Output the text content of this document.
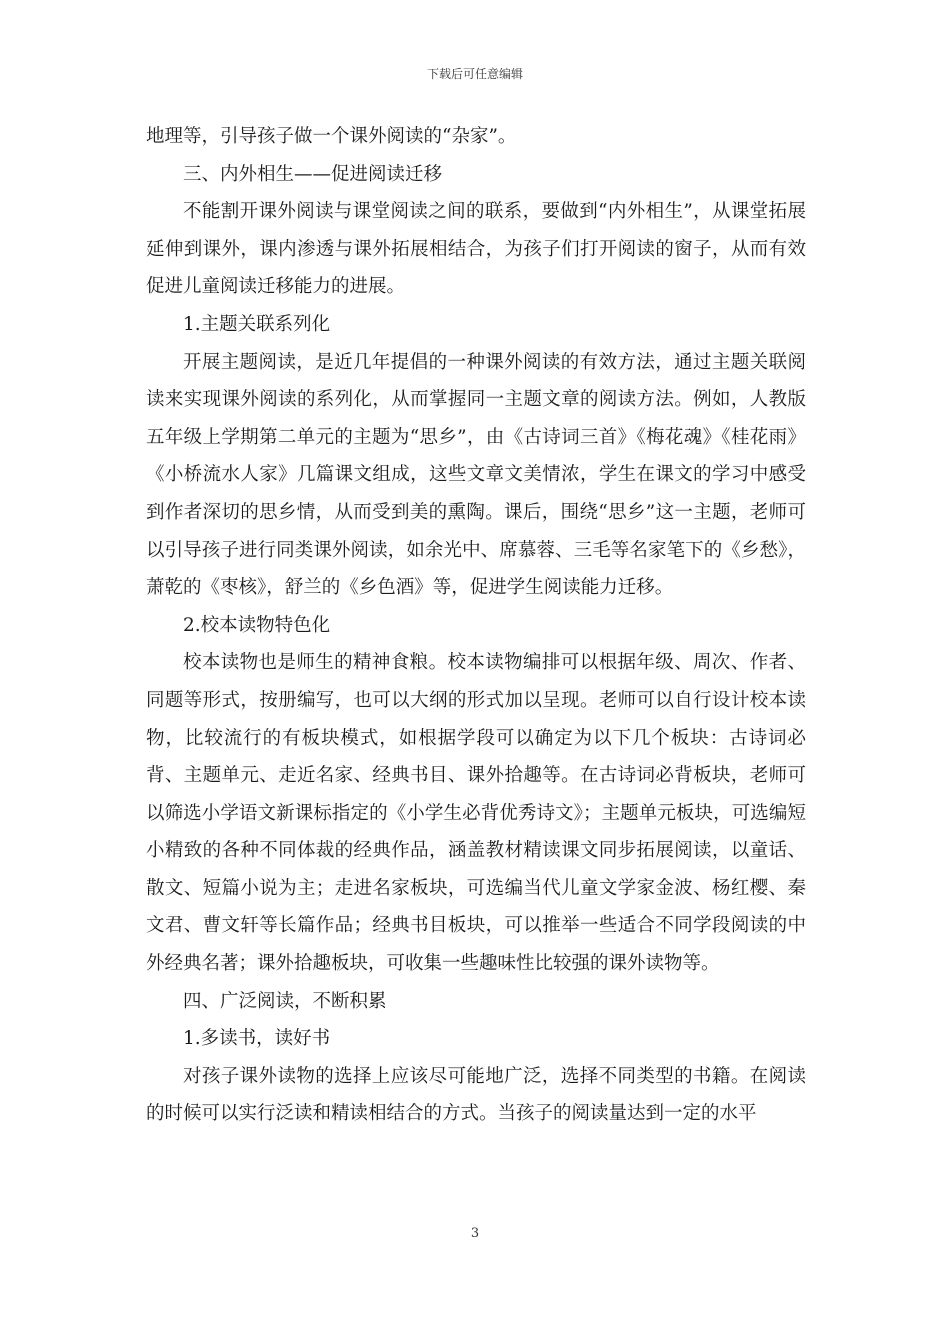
下载后可任意编辑

地理等，引导孩子做一个课外阅读的“杂家”。

三、内外相生——促进阅读迁移

不能割开课外阅读与课堂阅读之间的联系，要做到“内外相生”，从课堂拓展延伸到课外，课内渗透与课外拓展相结合，为孩子们打开阅读的窗子，从而有效促进儿童阅读迁移能力的进展。

1.主题关联系列化

开展主题阅读，是近几年提倡的一种课外阅读的有效方法，通过主题关联阅读来实现课外阅读的系列化，从而掌握同一主题文章的阅读方法。例如，人教版五年级上学期第二单元的主题为“思乡”，由《古诗词三首》《梅花魂》《桂花雨》《小桥流水人家》几篇课文组成，这些文章文美情浓，学生在课文的学习中感受到作者深切的思乡情，从而受到美的熏陶。课后，围绕“思乡”这一主题，老师可以引导孩子进行同类课外阅读，如余光中、席慕蓉、三毛等名家笔下的《乡愁》，萧乾的《枣核》，舒兰的《乡色酒》等，促进学生阅读能力迁移。

2.校本读物特色化

校本读物也是师生的精神食粮。校本读物编排可以根据年级、周次、作者、同题等形式，按册编写，也可以大纲的形式加以呈现。老师可以自行设计校本读物，比较流行的有板块模式，如根据学段可以确定为以下几个板块：古诗词必背、主题单元、走近名家、经典书目、课外拾趣等。在古诗词必背板块，老师可以筛选小学语文新课标指定的《小学生必背优秀诗文》；主题单元板块，可选编短小精致的各种不同体裁的经典作品，涵盖教材精读课文同步拓展阅读，以童话、散文、短篇小说为主；走进名家板块，可选编当代儿童文学家金波、杨红樱、秦文君、曹文轩等长篇作品；经典书目板块，可以推举一些适合不同学段阅读的中外经典名著；课外拾趣板块，可收集一些趣味性比较强的课外读物等。

四、广泛阅读，不断积累

1.多读书，读好书

对孩子课外读物的选择上应该尽可能地广泛，选择不同类型的书籍。在阅读的时候可以实行泛读和精读相结合的方式。当孩子的阅读量达到一定的水平

3
